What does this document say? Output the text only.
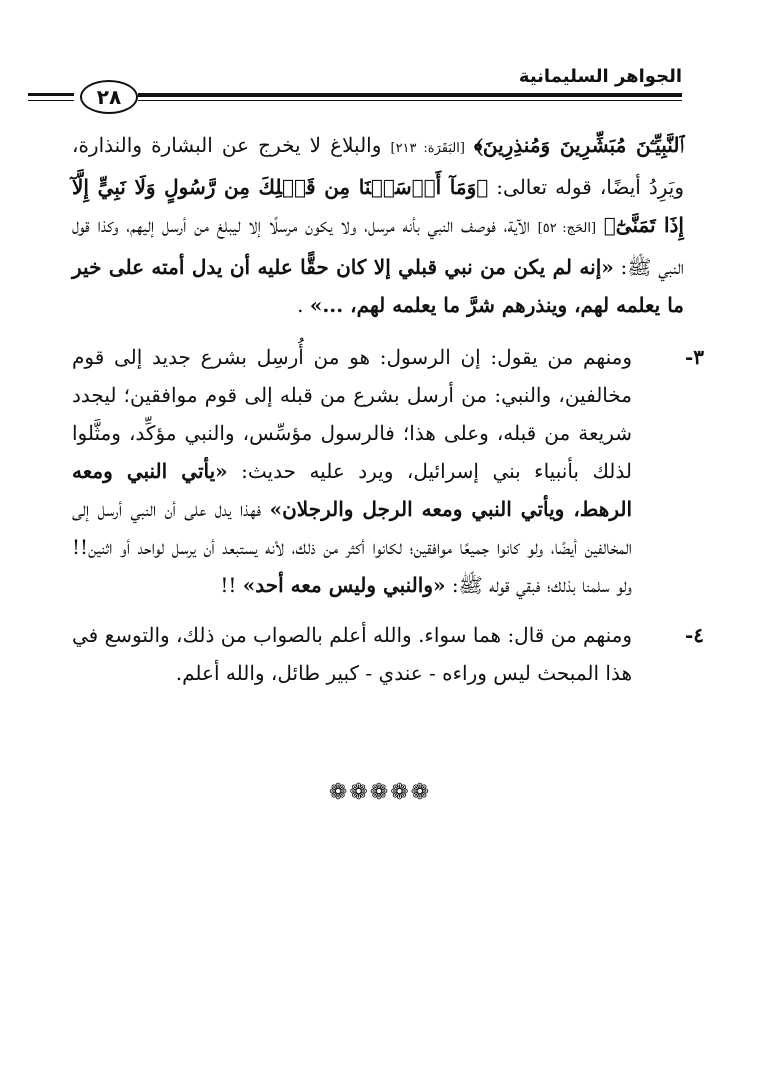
الجواهر السليمانية
٢٨

ٱلنَّبِيِّـۧنَ مُبَشِّرِينَ وَمُنذِرِينَ﴾ [البَقَرَة: ٢١٣] والبلاغ لا يخرج عن البشارة والنذارة، ويَرِدُ أيضًا، قوله تعالى: ﴿وَمَآ أَرۡسَلۡنَا مِن قَبۡلِكَ مِن رَّسُولٍ وَلَا نَبِيٍّ إِلَّآ إِذَا تَمَنَّىٰٓ﴾ [الحَج: ٥٢] الآية، فوصف النبي بأنه مرسل، ولا يكون مرسلًا إلا ليبلغ من أرسل إليهم، وكذا قول النبي ﷺ: «إنه لم يكن من نبي قبلي إلا كان حقًّا عليه أن يدل أمته على خير ما يعلمه لهم، وينذرهم شرَّ ما يعلمه لهم، ...» .

٣-
ومنهم من يقول: إن الرسول: هو من أُرسِل بشرع جديد إلى قوم مخالفين، والنبي: من أرسل بشرع من قبله إلى قوم موافقين؛ ليجدد شريعة من قبله، وعلى هذا؛ فالرسول مؤسِّس، والنبي مؤكِّد، ومثَّلوا لذلك بأنبياء بني إسرائيل، ويرد عليه حديث: «يأتي النبي ومعه الرهط، ويأتي النبي ومعه الرجل والرجلان» فهذا يدل على أن النبي أرسل إلى المخالفين أيضًا، ولو كانوا جميعًا موافقين؛ لكانوا أكثر من ذلك، لأنه يستبعد أن يرسل لواحد أو اثنين!! ولو سلمنا بذلك؛ فبقي قوله ﷺ: «والنبي وليس معه أحد» !!
٤-
ومنهم من قال: هما سواء. والله أعلم بالصواب من ذلك، والتوسع في هذا المبحث ليس وراءه - عندي - كبير طائل، والله أعلم.
❁❁❁❁❁
